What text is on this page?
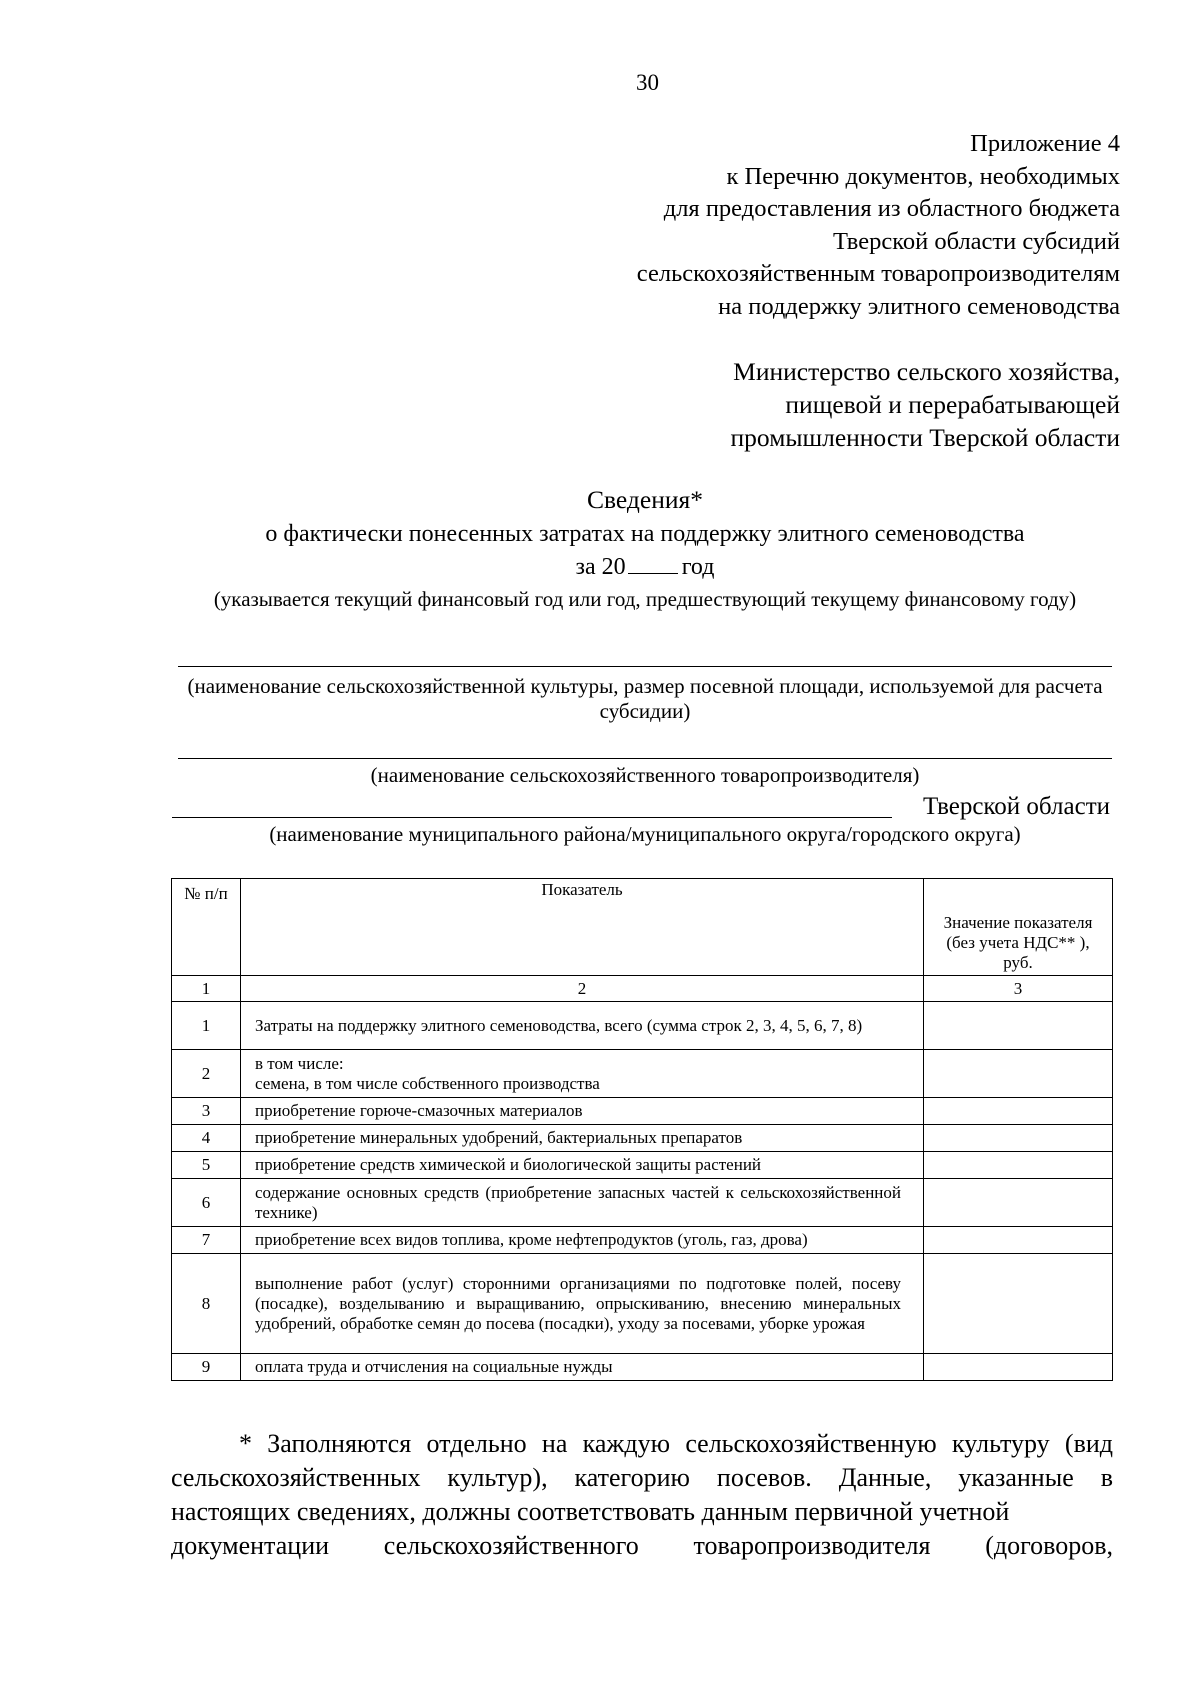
30
Приложение 4
к Перечню документов, необходимых
для предоставления из областного бюджета
Тверской области субсидий
сельскохозяйственным товаропроизводителям
на поддержку элитного семеноводства
Министерство сельского хозяйства,
пищевой и перерабатывающей
промышленности Тверской области
Сведения*
о фактически понесенных затратах на поддержку элитного семеноводства
за 20 год
(указывается текущий финансовый год или год, предшествующий текущему финансовому году)
(наименование сельскохозяйственной культуры, размер посевной площади, используемой для расчета субсидии)
(наименование сельскохозяйственного товаропроизводителя)
Тверской области
(наименование муниципального района/муниципального округа/городского округа)
№ п/п	Показатель	Значение показателя (без учета НДС** ), руб.
1	2	3
1	Затраты на поддержку элитного семеноводства, всего (сумма строк 2, 3, 4, 5, 6, 7, 8)	
2	в том числе:
семена, в том числе собственного производства	
3	приобретение горюче-смазочных материалов	
4	приобретение минеральных удобрений, бактериальных препаратов	
5	приобретение средств химической и биологической защиты растений	
6	содержание основных средств (приобретение запасных частей к сельскохозяйственной технике)	
7	приобретение всех видов топлива, кроме нефтепродуктов (уголь, газ, дрова)	
8	выполнение работ (услуг) сторонними организациями по подготовке полей, посеву (посадке), возделыванию и выращиванию, опрыскиванию, внесению минеральных удобрений, обработке семян до посева (посадки), уходу за посевами, уборке урожая	
9	оплата труда и отчисления на социальные нужды	
* Заполняются отдельно на каждую сельскохозяйственную культуру (вид сельскохозяйственных культур), категорию посевов. Данные, указанные в настоящих сведениях, должны соответствовать данным первичной учетной
документации сельскохозяйственного товаропроизводителя (договоров,
